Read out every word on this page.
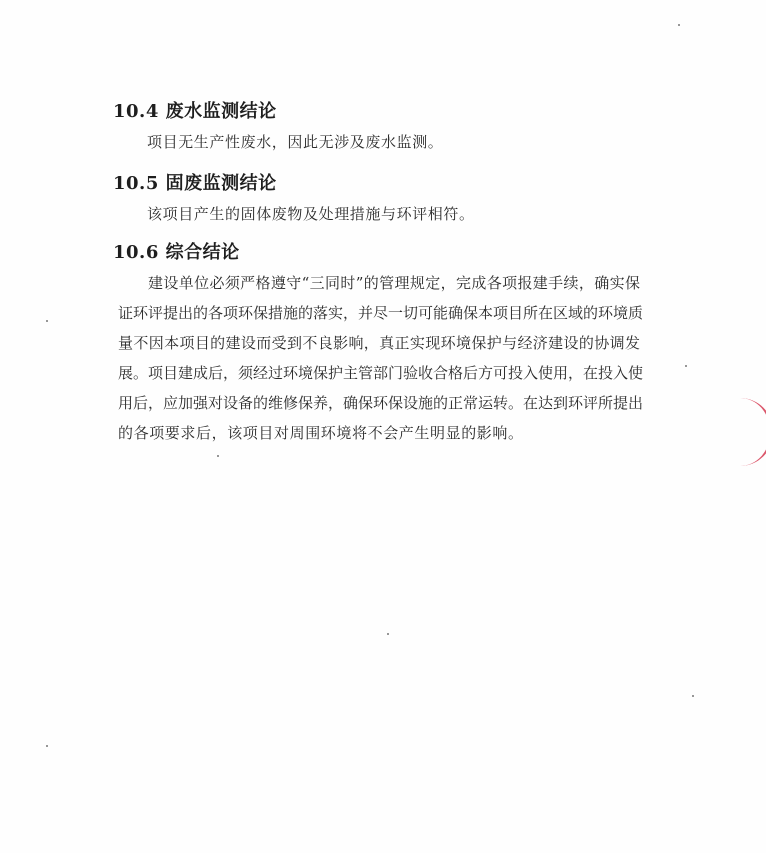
10.4 废水监测结论
项目无生产性废水，因此无涉及废水监测。
10.5 固废监测结论
该项目产生的固体废物及处理措施与环评相符。
10.6 综合结论
建设单位必须严格遵守“三同时”的管理规定，完成各项报建手续，确实保
证环评提出的各项环保措施的落实，并尽一切可能确保本项目所在区域的环境质
量不因本项目的建设而受到不良影响，真正实现环境保护与经济建设的协调发
展。项目建成后，须经过环境保护主管部门验收合格后方可投入使用，在投入使
用后，应加强对设备的维修保养，确保环保设施的正常运转。在达到环评所提出
的各项要求后，该项目对周围环境将不会产生明显的影响。
